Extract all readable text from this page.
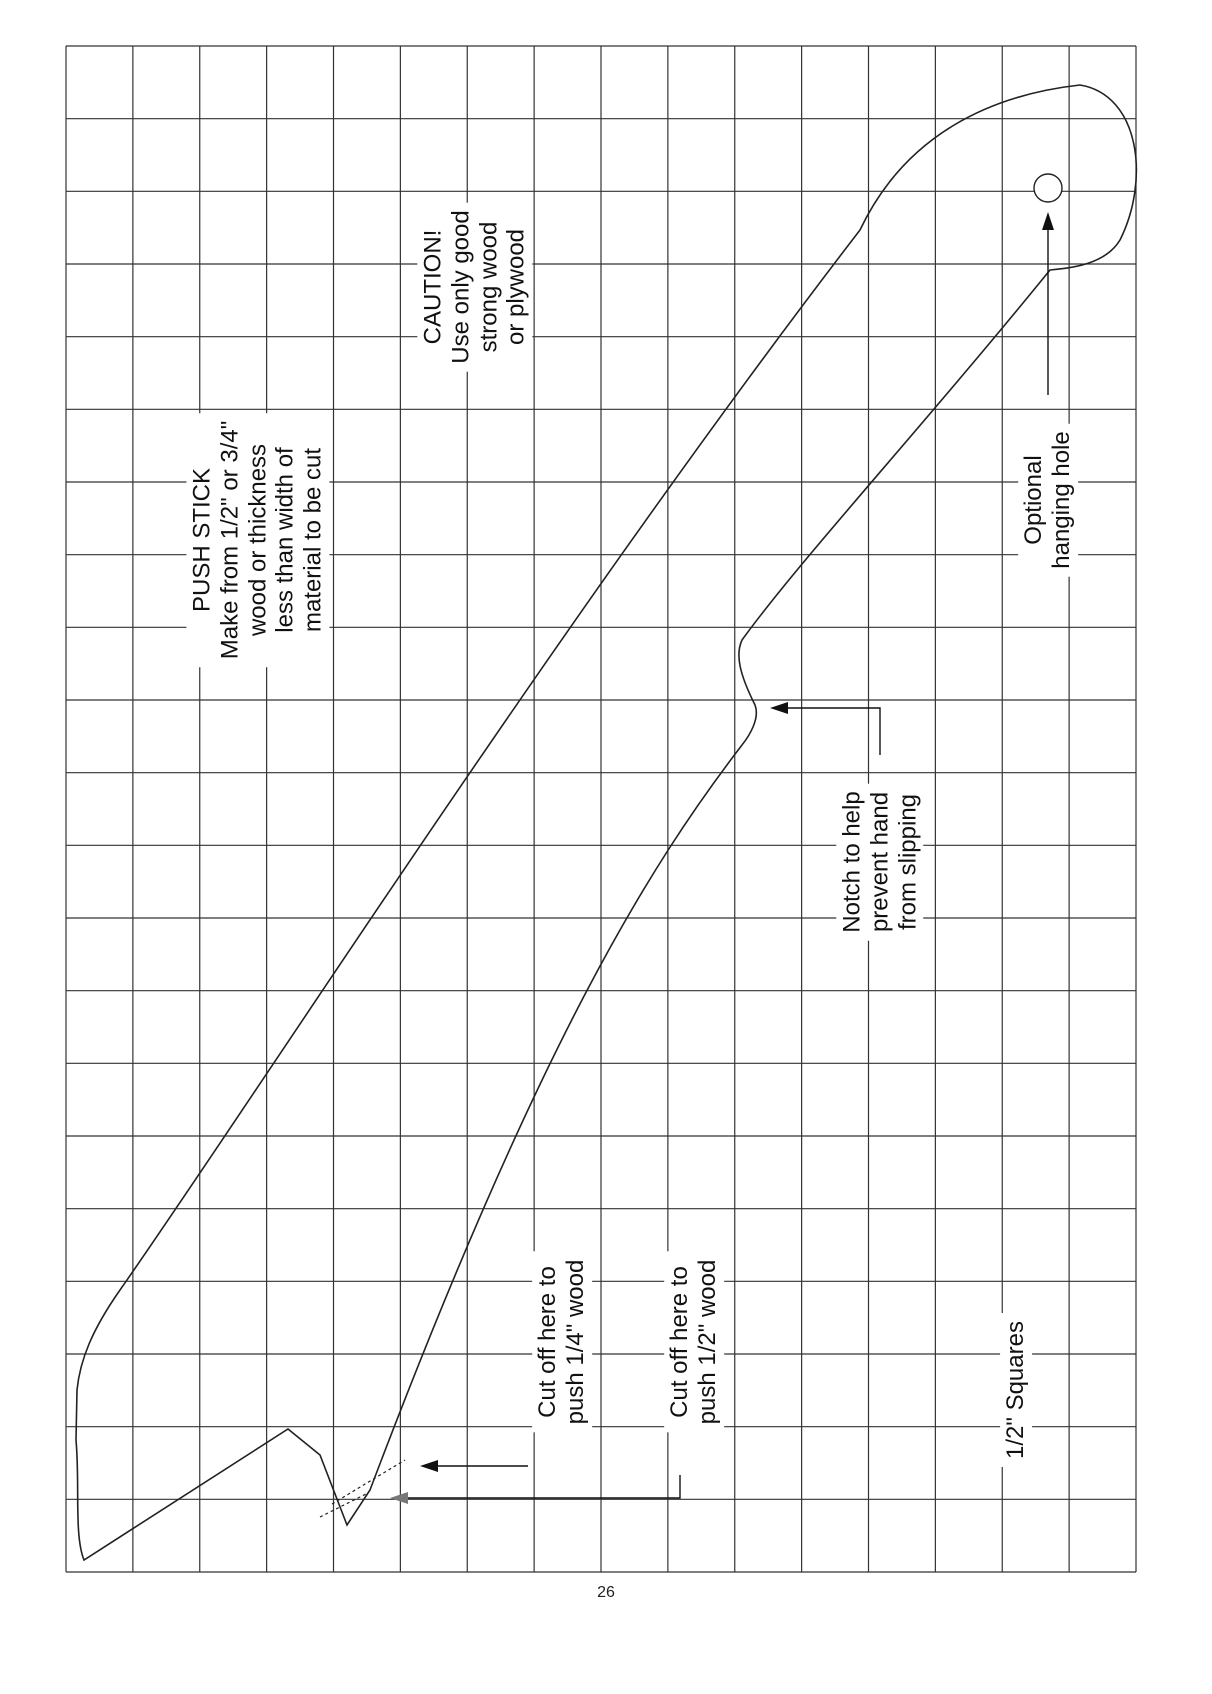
PUSH STICK Make from 1/2" or 3/4" wood or thickness less than width of material to be cut
CAUTION! Use only good strong wood or plywood
Optional hanging hole
Notch to help prevent hand from slipping
Cut off here to push 1/4" wood	Cut off here to push 1/2" wood	1/2" Squares
26
